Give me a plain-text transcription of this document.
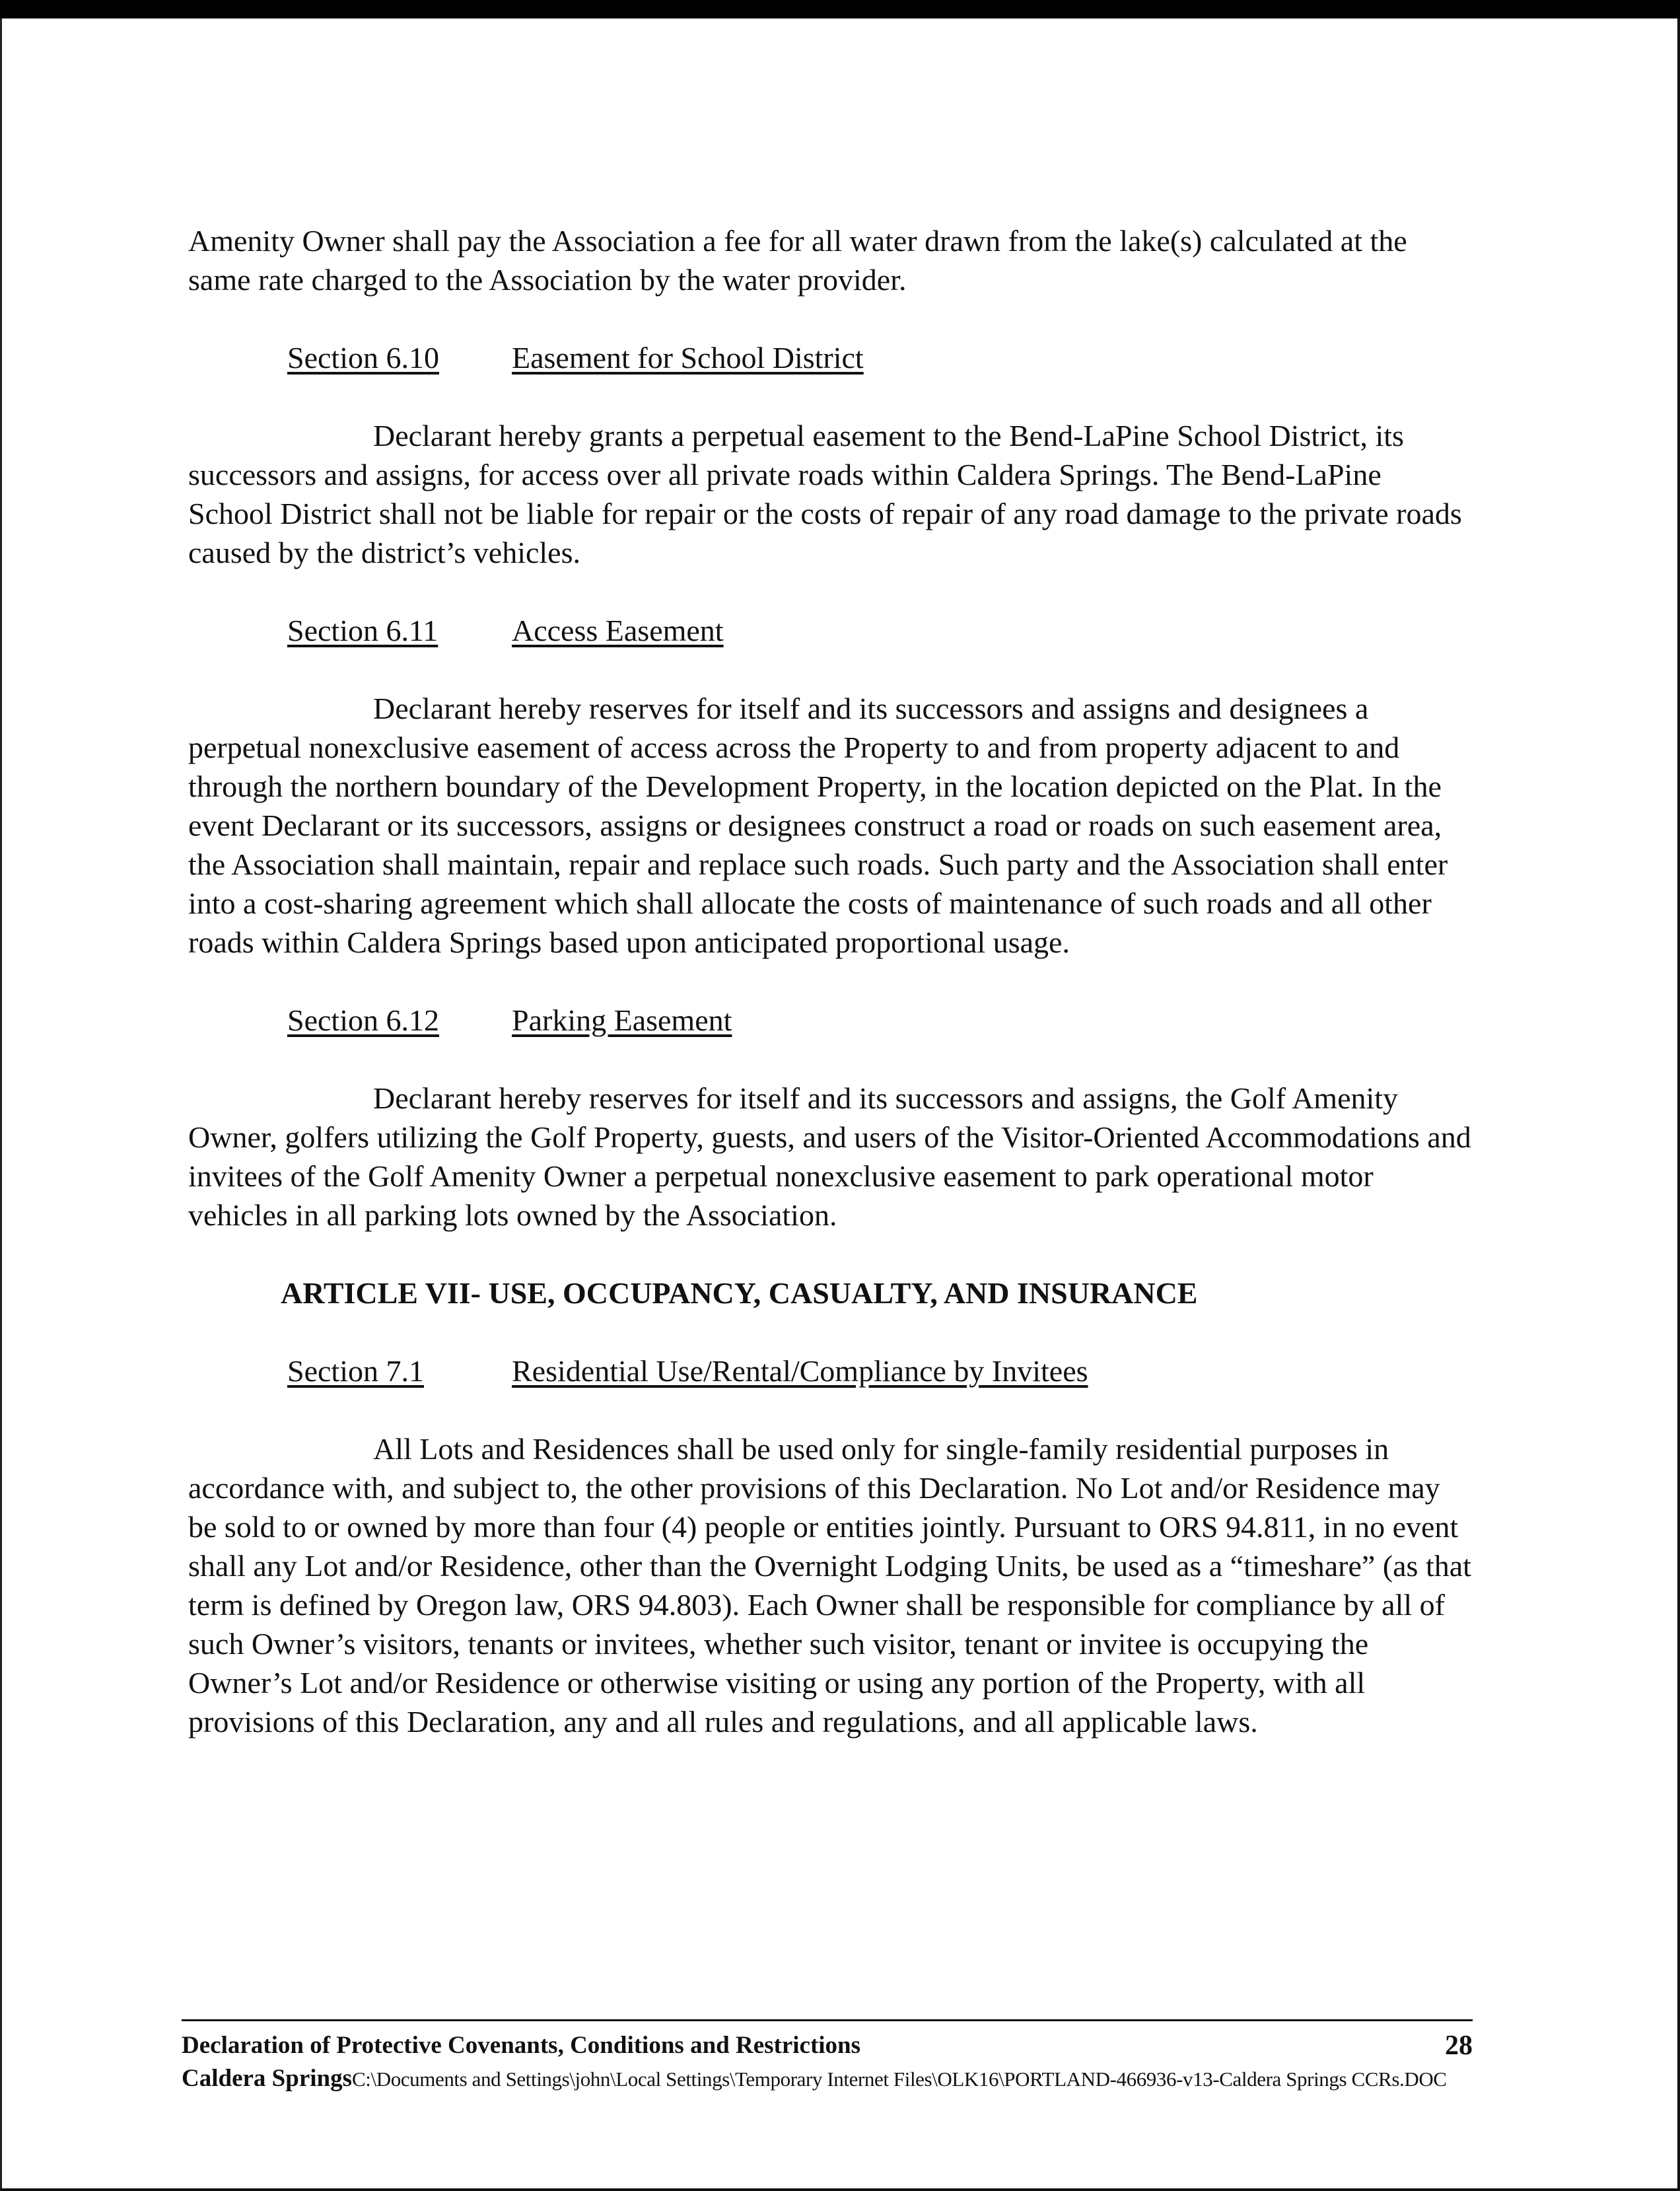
Amenity Owner shall pay the Association a fee for all water drawn from the lake(s) calculated at the same rate charged to the Association by the water provider.

Section 6.10 Easement for School District

Declarant hereby grants a perpetual easement to the Bend-LaPine School District, its successors and assigns, for access over all private roads within Caldera Springs. The Bend-LaPine School District shall not be liable for repair or the costs of repair of any road damage to the private roads caused by the district’s vehicles.

Section 6.11 Access Easement

Declarant hereby reserves for itself and its successors and assigns and designees a perpetual nonexclusive easement of access across the Property to and from property adjacent to and through the northern boundary of the Development Property, in the location depicted on the Plat. In the event Declarant or its successors, assigns or designees construct a road or roads on such easement area, the Association shall maintain, repair and replace such roads. Such party and the Association shall enter into a cost-sharing agreement which shall allocate the costs of maintenance of such roads and all other roads within Caldera Springs based upon anticipated proportional usage.

Section 6.12 Parking Easement

Declarant hereby reserves for itself and its successors and assigns, the Golf Amenity Owner, golfers utilizing the Golf Property, guests, and users of the Visitor-Oriented Accommodations and invitees of the Golf Amenity Owner a perpetual nonexclusive easement to park operational motor vehicles in all parking lots owned by the Association.

ARTICLE VII- USE, OCCUPANCY, CASUALTY, AND INSURANCE
Section 7.1	Residential Use/Rental/Compliance by Invitees

All Lots and Residences shall be used only for single-family residential purposes in accordance with, and subject to, the other provisions of this Declaration. No Lot and/or Residence may be sold to or owned by more than four (4) people or entities jointly. Pursuant to ORS 94.811, in no event shall any Lot and/or Residence, other than the Overnight Lodging Units, be used as a “timeshare” (as that term is defined by Oregon law, ORS 94.803). Each Owner shall be responsible for compliance by all of such Owner’s visitors, tenants or invitees, whether such visitor, tenant or invitee is occupying the Owner’s Lot and/or Residence or otherwise visiting or using any portion of the Property, with all provisions of this Declaration, any and all rules and regulations, and all applicable laws.

Declaration of Protective Covenants, Conditions and Restrictions	28
Caldera SpringsC:\Documents and Settings\john\Local Settings\Temporary Internet Files\OLK16\PORTLAND-466936-v13-Caldera Springs CCRs.DOC
